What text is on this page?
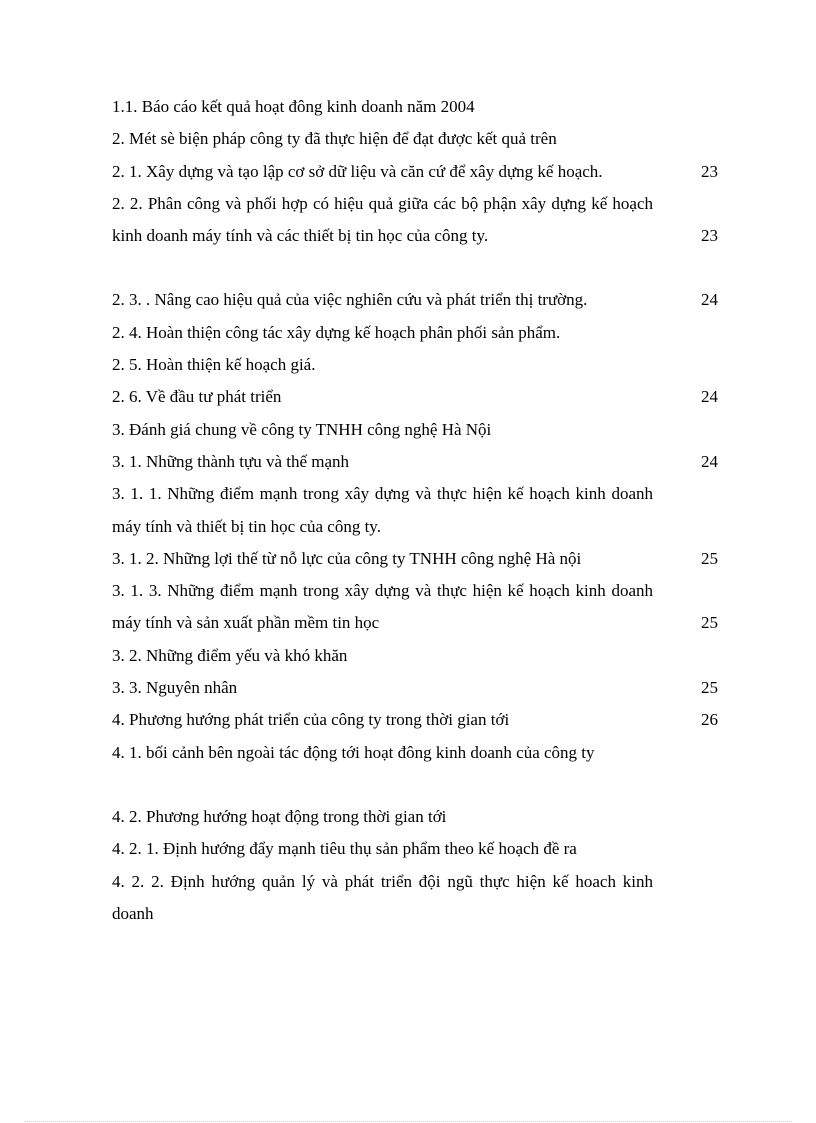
1.1. Báo cáo kết quả hoạt đông kinh doanh năm 2004
2. Mét sè biện pháp công ty đã thực hiện để đạt được kết quả trên
2. 1. Xây dựng và tạo lập cơ sở dữ liệu và căn cứ để xây dựng kế hoạch.	23
2. 2. Phân công và phối hợp có hiệu quả giữa các bộ phận xây dựng kế hoạch kinh doanh máy tính và các thiết bị tin học của công ty.	23
2. 3. . Nâng cao hiệu quả của việc nghiên cứu và phát triển thị trường.	24
2. 4. Hoàn thiện công tác xây dựng kế hoạch phân phối sản phẩm.
2. 5. Hoàn thiện kế hoạch giá.
2. 6. Về đầu tư phát triển	24
3. Đánh giá chung về công ty TNHH công nghệ Hà Nội
3. 1. Những thành tựu và thế mạnh	24
3. 1. 1. Những điểm mạnh trong xây dựng và thực hiện kế hoạch kinh doanh máy tính và thiết bị tin học của công ty.
3. 1. 2. Những lợi thế từ nỗ lực của công ty TNHH công nghệ Hà nội	25
3. 1. 3. Những điểm mạnh trong xây dựng và thực hiện kế hoạch kinh doanh máy tính và sản xuất phần mềm tin học	25
3. 2. Những điểm yếu và khó khăn
3. 3. Nguyên nhân	25
4. Phương hướng phát triển của công ty trong thời gian tới	26
4. 1. bối cảnh bên ngoài tác động tới hoạt đông kinh doanh của công ty
4. 2. Phương hướng hoạt động trong thời gian tới
4. 2. 1. Định hướng đẩy mạnh tiêu thụ sản phẩm theo kế hoạch đề ra
4. 2. 2. Định hướng quản lý và phát triển đội ngũ thực hiện kế hoach kinh doanh
